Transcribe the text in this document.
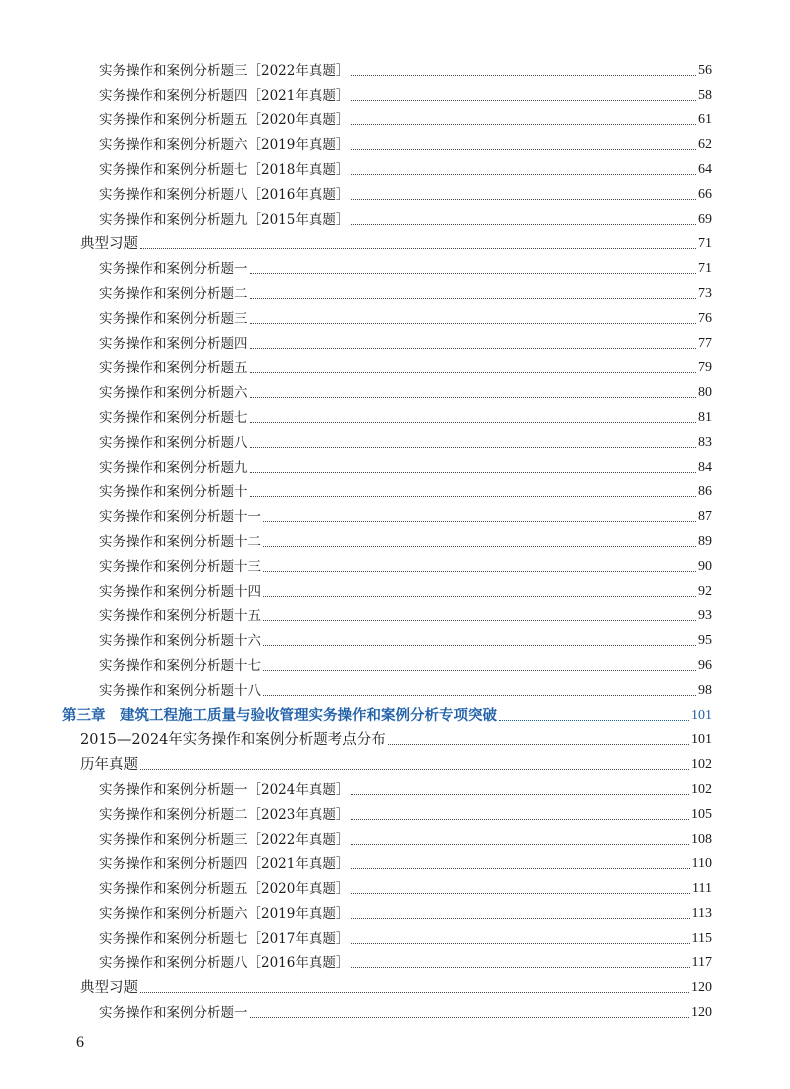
实务操作和案例分析题三［2022年真题］	56
实务操作和案例分析题四［2021年真题］	58
实务操作和案例分析题五［2020年真题］	61
实务操作和案例分析题六［2019年真题］	62
实务操作和案例分析题七［2018年真题］	64
实务操作和案例分析题八［2016年真题］	66
实务操作和案例分析题九［2015年真题］	69
典型习题	71
实务操作和案例分析题一	71
实务操作和案例分析题二	73
实务操作和案例分析题三	76
实务操作和案例分析题四	77
实务操作和案例分析题五	79
实务操作和案例分析题六	80
实务操作和案例分析题七	81
实务操作和案例分析题八	83
实务操作和案例分析题九	84
实务操作和案例分析题十	86
实务操作和案例分析题十一	87
实务操作和案例分析题十二	89
实务操作和案例分析题十三	90
实务操作和案例分析题十四	92
实务操作和案例分析题十五	93
实务操作和案例分析题十六	95
实务操作和案例分析题十七	96
实务操作和案例分析题十八	98
第三章　建筑工程施工质量与验收管理实务操作和案例分析专项突破	101
2015—2024年实务操作和案例分析题考点分布	101
历年真题	102
实务操作和案例分析题一［2024年真题］	102
实务操作和案例分析题二［2023年真题］	105
实务操作和案例分析题三［2022年真题］	108
实务操作和案例分析题四［2021年真题］	110
实务操作和案例分析题五［2020年真题］	111
实务操作和案例分析题六［2019年真题］	113
实务操作和案例分析题七［2017年真题］	115
实务操作和案例分析题八［2016年真题］	117
典型习题	120
实务操作和案例分析题一	120
6
